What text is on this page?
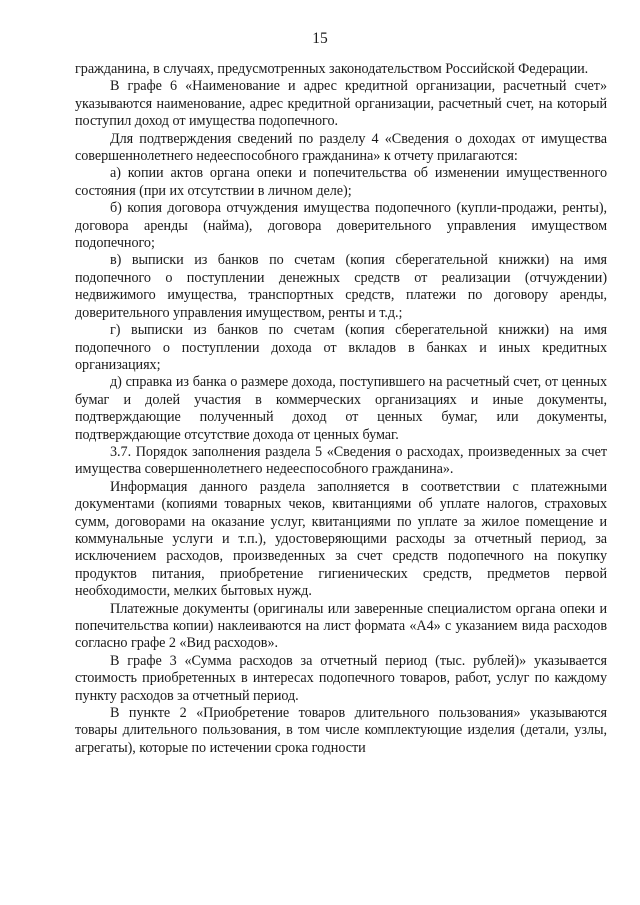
15

гражданина, в случаях, предусмотренных законодательством Российской Федерации.

В графе 6 «Наименование и адрес кредитной организации, расчетный счет» указываются наименование, адрес кредитной организации, расчетный счет, на который поступил доход от имущества подопечного.

Для подтверждения сведений по разделу 4 «Сведения о доходах от имущества совершеннолетнего недееспособного гражданина» к отчету прилагаются:

а) копии актов органа опеки и попечительства об изменении имущественного состояния (при их отсутствии в личном деле);

б) копия договора отчуждения имущества подопечного (купли-продажи, ренты), договора аренды (найма), договора доверительного управления имуществом подопечного;

в) выписки из банков по счетам (копия сберегательной книжки) на имя подопечного о поступлении денежных средств от реализации (отчуждении) недвижимого имущества, транспортных средств, платежи по договору аренды, доверительного управления имуществом, ренты и т.д.;

г) выписки из банков по счетам (копия сберегательной книжки) на имя подопечного о поступлении дохода от вкладов в банках и иных кредитных организациях;

д) справка из банка о размере дохода, поступившего на расчетный счет, от ценных бумаг и долей участия в коммерческих организациях и иные документы, подтверждающие полученный доход от ценных бумаг, или документы, подтверждающие отсутствие дохода от ценных бумаг.

3.7. Порядок заполнения раздела 5 «Сведения о расходах, произведенных за счет имущества совершеннолетнего недееспособного гражданина».

Информация данного раздела заполняется в соответствии с платежными документами (копиями товарных чеков, квитанциями об уплате налогов, страховых сумм, договорами на оказание услуг, квитанциями по уплате за жилое помещение и коммунальные услуги и т.п.), удостоверяющими расходы за отчетный период, за исключением расходов, произведенных за счет средств подопечного на покупку продуктов питания, приобретение гигиенических средств, предметов первой необходимости, мелких бытовых нужд.

Платежные документы (оригиналы или заверенные специалистом органа опеки и попечительства копии) наклеиваются на лист формата «А4» с указанием вида расходов согласно графе 2 «Вид расходов».

В графе 3 «Сумма расходов за отчетный период (тыс. рублей)» указывается стоимость приобретенных в интересах подопечного товаров, работ, услуг по каждому пункту расходов за отчетный период.

В пункте 2 «Приобретение товаров длительного пользования» указываются товары длительного пользования, в том числе комплектующие изделия (детали, узлы, агрегаты), которые по истечении срока годности
